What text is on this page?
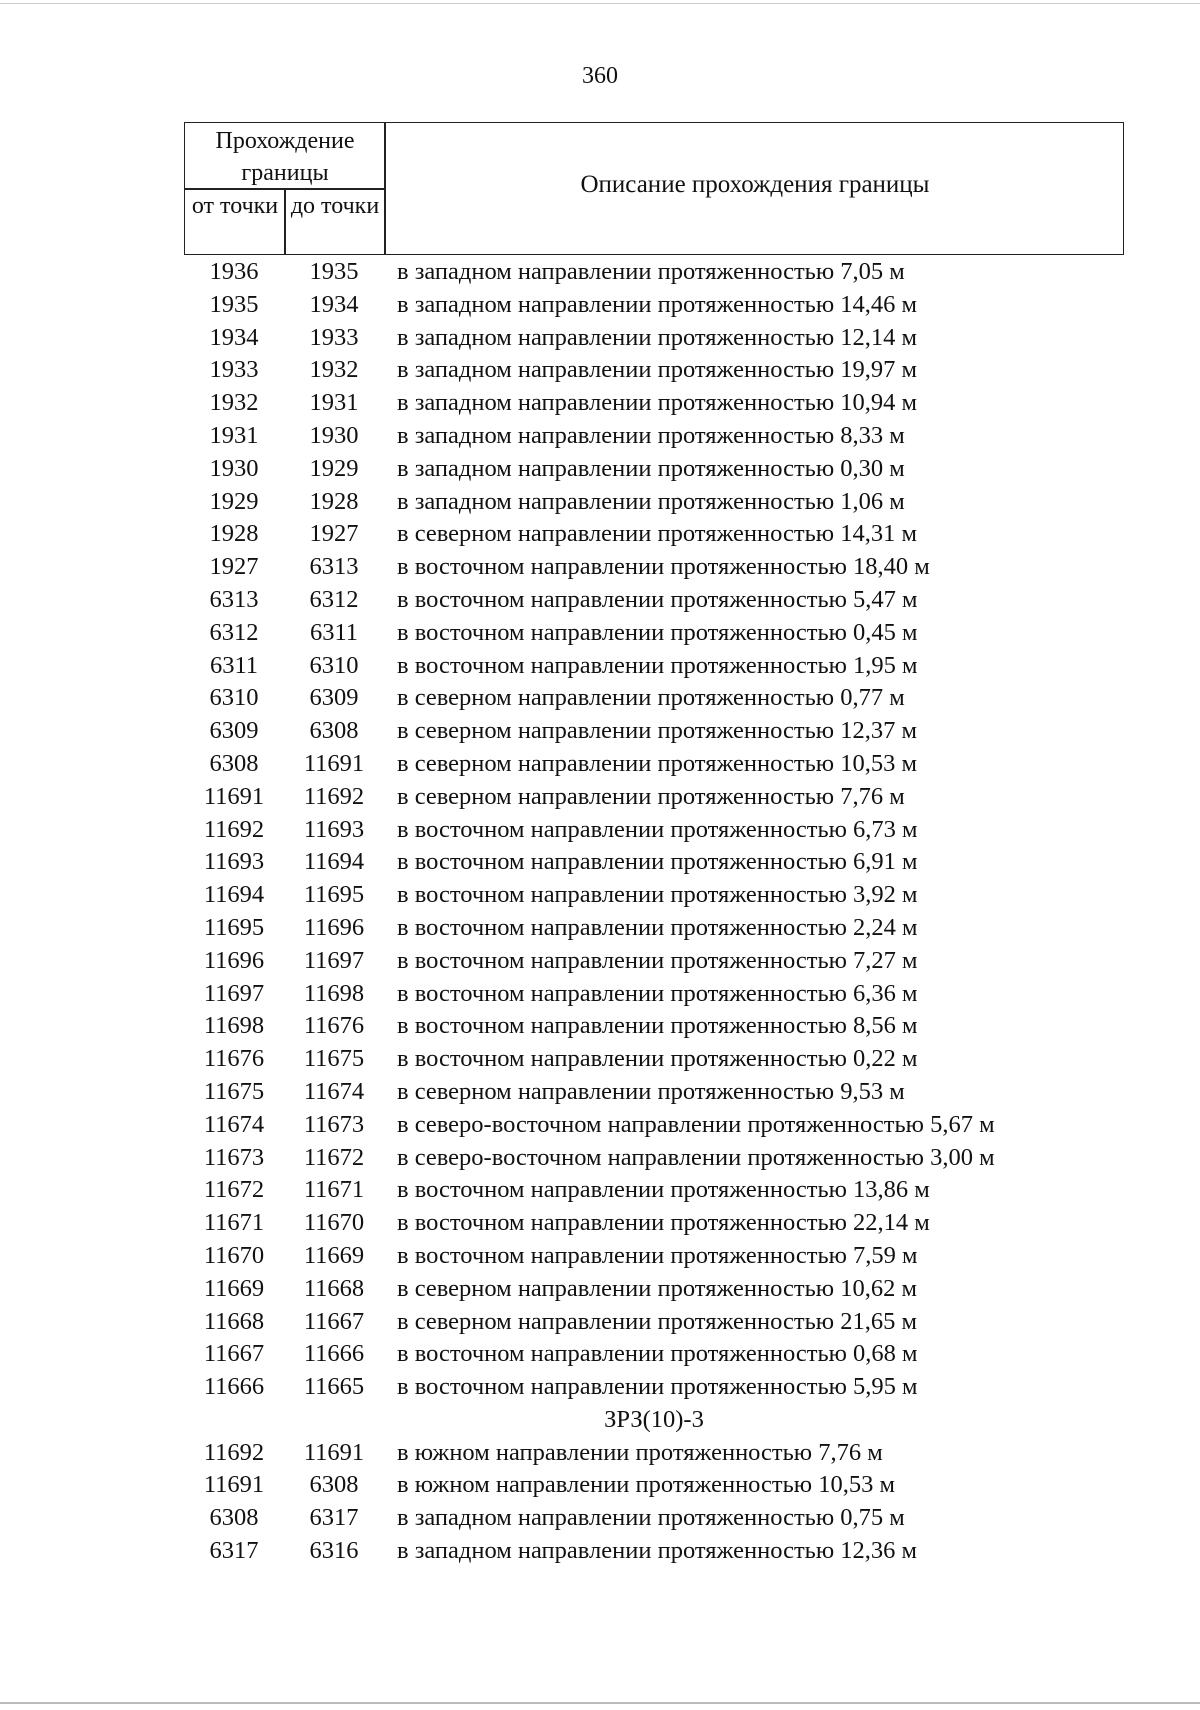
360
Прохождение границы
от точки до точки
Описание прохождения границы
1936	1935	в западном направлении протяженностью 7,05 м
1935	1934	в западном направлении протяженностью 14,46 м
1934	1933	в западном направлении протяженностью 12,14 м
1933	1932	в западном направлении протяженностью 19,97 м
1932	1931	в западном направлении протяженностью 10,94 м
1931	1930	в западном направлении протяженностью 8,33 м
1930	1929	в западном направлении протяженностью 0,30 м
1929	1928	в западном направлении протяженностью 1,06 м
1928	1927	в северном направлении протяженностью 14,31 м
1927	6313	в восточном направлении протяженностью 18,40 м
6313	6312	в восточном направлении протяженностью 5,47 м
6312	6311	в восточном направлении протяженностью 0,45 м
6311	6310	в восточном направлении протяженностью 1,95 м
6310	6309	в северном направлении протяженностью 0,77 м
6309	6308	в северном направлении протяженностью 12,37 м
6308	11691	в северном направлении протяженностью 10,53 м
11691	11692	в северном направлении протяженностью 7,76 м
11692	11693	в восточном направлении протяженностью 6,73 м
11693	11694	в восточном направлении протяженностью 6,91 м
11694	11695	в восточном направлении протяженностью 3,92 м
11695	11696	в восточном направлении протяженностью 2,24 м
11696	11697	в восточном направлении протяженностью 7,27 м
11697	11698	в восточном направлении протяженностью 6,36 м
11698	11676	в восточном направлении протяженностью 8,56 м
11676	11675	в восточном направлении протяженностью 0,22 м
11675	11674	в северном направлении протяженностью 9,53 м
11674	11673	в северо-восточном направлении протяженностью 5,67 м
11673	11672	в северо-восточном направлении протяженностью 3,00 м
11672	11671	в восточном направлении протяженностью 13,86 м
11671	11670	в восточном направлении протяженностью 22,14 м
11670	11669	в восточном направлении протяженностью 7,59 м
11669	11668	в северном направлении протяженностью 10,62 м
11668	11667	в северном направлении протяженностью 21,65 м
11667	11666	в восточном направлении протяженностью 0,68 м
11666	11665	в восточном направлении протяженностью 5,95 м
ЗРЗ(10)-3
11692	11691	в южном направлении протяженностью 7,76 м
11691	6308	в южном направлении протяженностью 10,53 м
6308	6317	в западном направлении протяженностью 0,75 м
6317	6316	в западном направлении протяженностью 12,36 м
